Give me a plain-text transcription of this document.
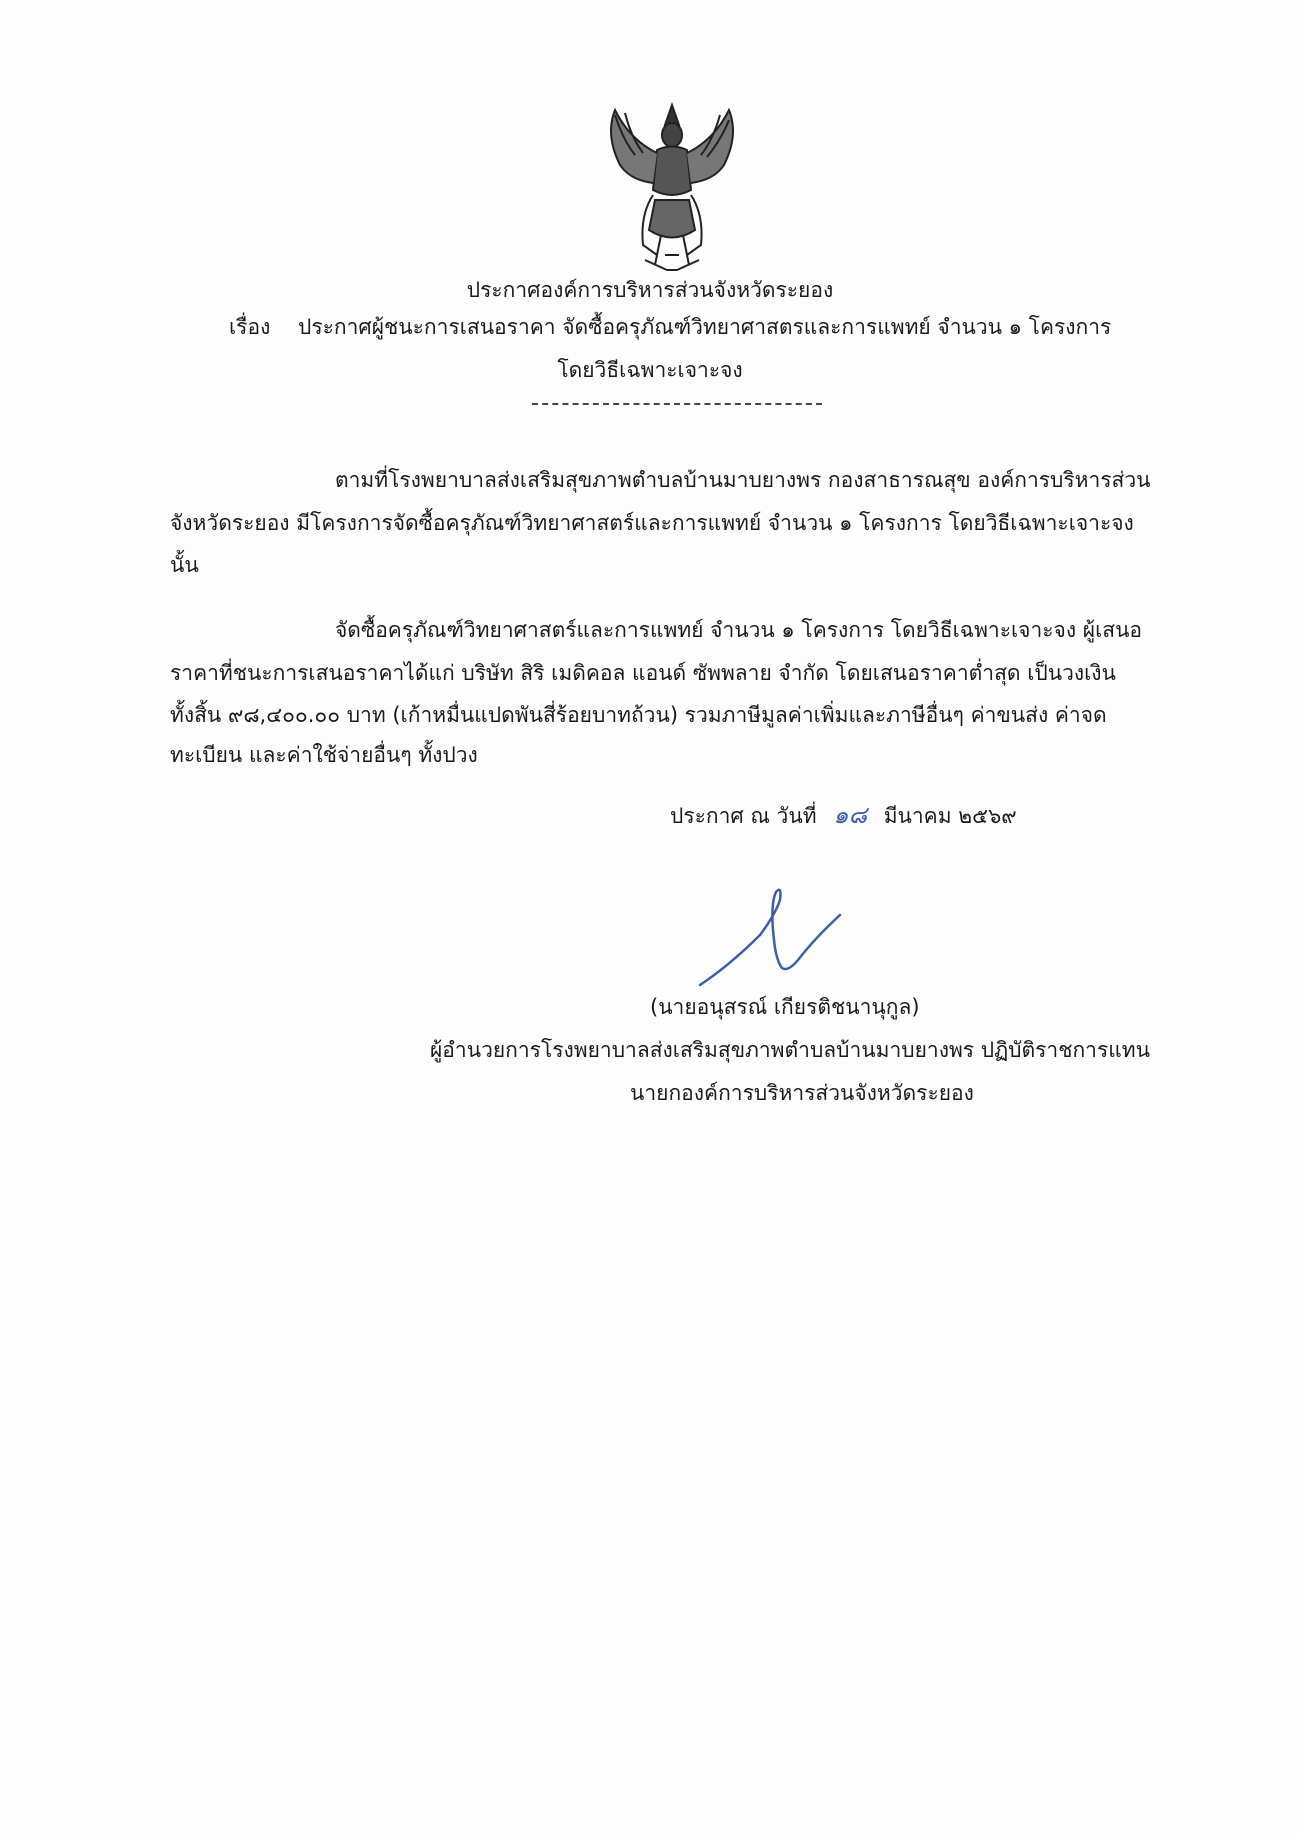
ประกาศองค์การบริหารส่วนจังหวัดระยอง

เรื่อง ประกาศผู้ชนะการเสนอราคา จัดซื้อครุภัณฑ์วิทยาศาสตรและการแพทย์ จำนวน ๑ โครงการ

โดยวิธีเฉพาะเจาะจง

ตามที่โรงพยาบาลส่งเสริมสุขภาพตำบลบ้านมาบยางพร กองสาธารณสุข องค์การบริหารส่วน

จังหวัดระยอง มีโครงการจัดซื้อครุภัณฑ์วิทยาศาสตร์และการแพทย์ จำนวน ๑ โครงการ โดยวิธีเฉพาะเจาะจง

นั้น

จัดซื้อครุภัณฑ์วิทยาศาสตร์และการแพทย์ จำนวน ๑ โครงการ โดยวิธีเฉพาะเจาะจง ผู้เสนอ

ราคาที่ชนะการเสนอราคาได้แก่ บริษัท สิริ เมดิคอล แอนด์ ซัพพลาย จำกัด โดยเสนอราคาต่ำสุด เป็นวงเงิน

ทั้งสิ้น ๙๘,๔๐๐.๐๐ บาท (เก้าหมื่นแปดพันสี่ร้อยบาทถ้วน) รวมภาษีมูลค่าเพิ่มและภาษีอื่นๆ ค่าขนส่ง ค่าจด

ทะเบียน และค่าใช้จ่ายอื่นๆ ทั้งปวง

ประกาศ ณ วันที่ ๑๘ มีนาคม ๒๕๖๙

(นายอนุสรณ์ เกียรติชนานุกูล)

ผู้อำนวยการโรงพยาบาลส่งเสริมสุขภาพตำบลบ้านมาบยางพร ปฏิบัติราชการแทน

นายกองค์การบริหารส่วนจังหวัดระยอง
